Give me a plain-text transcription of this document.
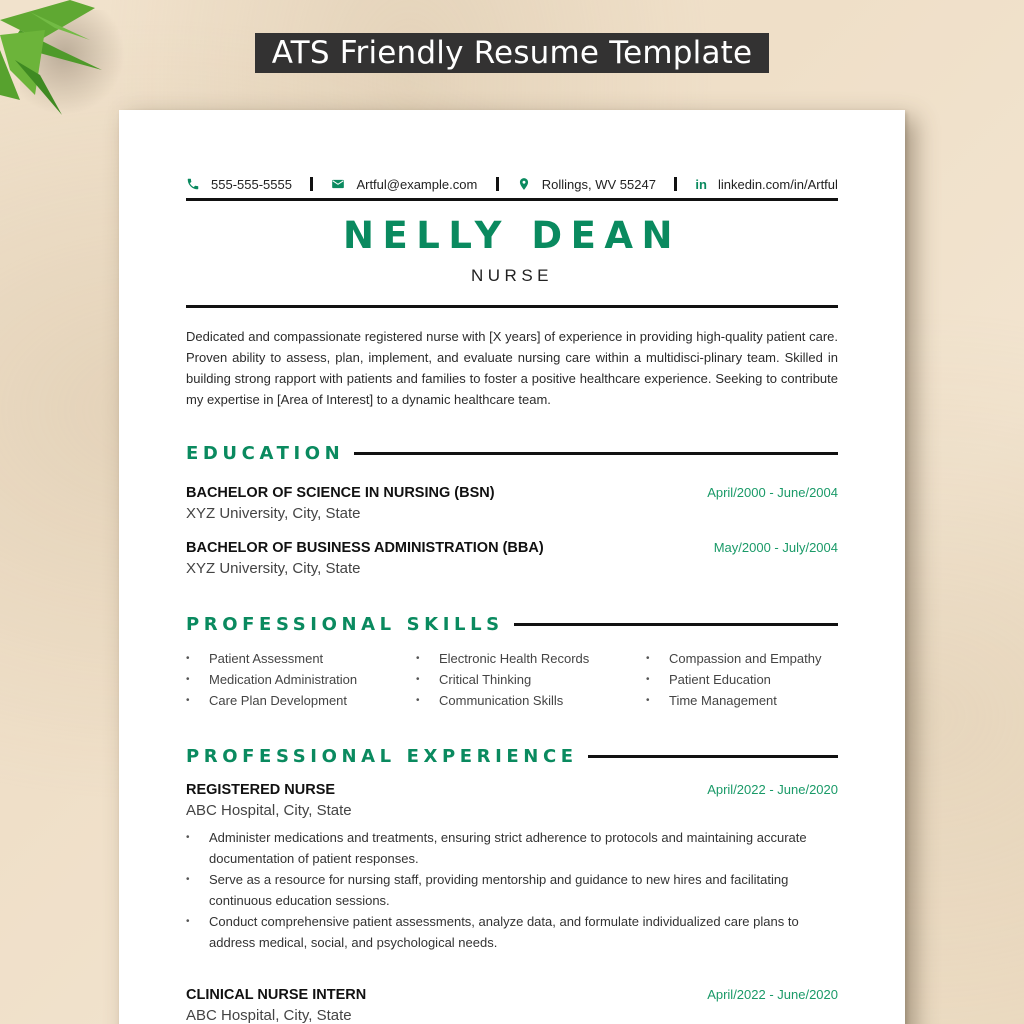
ATS Friendly Resume Template
555-555-5555	Artful@example.com	Rollings, WV 55247	in linkedin.com/in/Artful
NELLY DEAN
NURSE

Dedicated and compassionate registered nurse with [X years] of experience in providing high-quality patient care. Proven ability to assess, plan, implement, and evaluate nursing care within a multidisci-plinary team. Skilled in building strong rapport with patients and families to foster a positive healthcare experience. Seeking to contribute my expertise in [Area of Interest] to a dynamic healthcare team.

EDUCATION
BACHELOR OF SCIENCE IN NURSING (BSN)	April/2000 - June/2004
XYZ University, City, State
BACHELOR OF BUSINESS ADMINISTRATION (BBA)	May/2000 - July/2004
XYZ University, City, State
PROFESSIONAL SKILLS
•	Patient Assessment	•	Electronic Health Records	•	Compassion and Empathy
•	Medication Administration	•	Critical Thinking	•	Patient Education
•	Care Plan Development	•	Communication Skills	•	Time Management
PROFESSIONAL EXPERIENCE
REGISTERED NURSE	April/2022 - June/2020
ABC Hospital, City, State
• Administer medications and treatments, ensuring strict adherence to protocols and maintaining accurate documentation of patient responses.
• Serve as a resource for nursing staff, providing mentorship and guidance to new hires and facilitating continuous education sessions.
• Conduct comprehensive patient assessments, analyze data, and formulate individualized care plans to address medical, social, and psychological needs.
CLINICAL NURSE INTERN	April/2022 - June/2020
ABC Hospital, City, State
